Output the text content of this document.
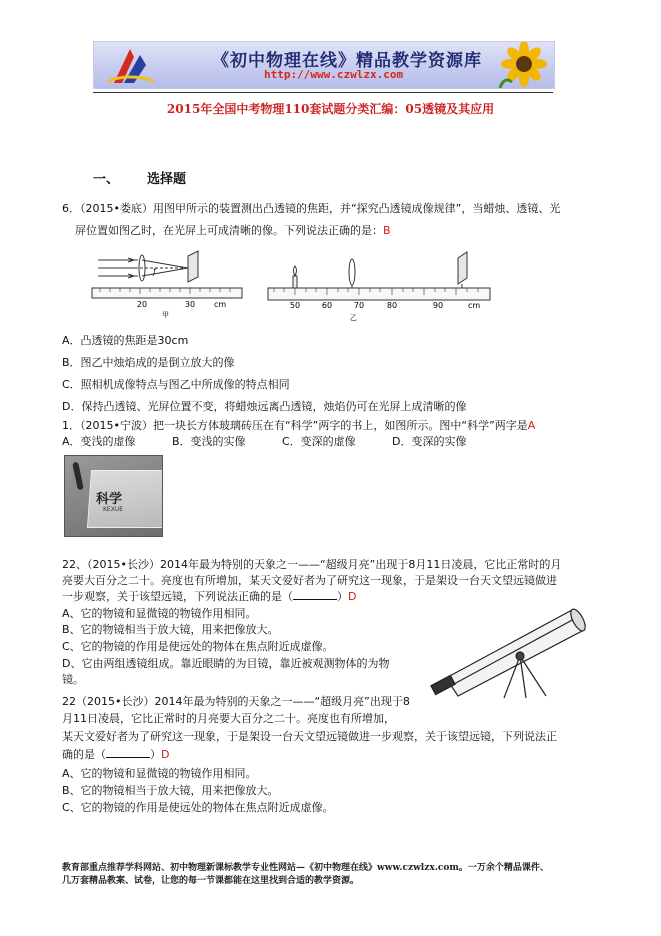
《初中物理在线》精品教学资源库
http://www.czwlzx.com
2015年全国中考物理110套试题分类汇编：05透镜及其应用
一、 选择题
6．（2015•娄底）用图甲所示的装置测出凸透镜的焦距，并“探究凸透镜成像规律”，当蜡烛、透镜、光
屏位置如图乙时，在光屏上可成清晰的像。下列说法正确的是：B
f
20	30 cm
甲
50	60	70	80	90	cm
乙
A．凸透镜的焦距是30cm
B．图乙中烛焰成的是倒立放大的像
C．照相机成像特点与图乙中所成像的特点相同
D．保持凸透镜、光屏位置不变，将蜡烛远离凸透镜，烛焰仍可在光屏上成清晰的像
1．（2015•宁波）把一块长方体玻璃砖压在有“科学”两字的书上，如图所示。图中“科学”两字是A
A．变浅的虚像	B．变浅的实像	C．变深的虚像	D．变深的实像
科学
KEXUE
22、（2015•长沙）2014年最为特别的天象之一——“超级月亮”出现于8月11日凌晨，它比正常时的月
亮要大百分之二十。亮度也有所增加，某天文爱好者为了研究这一现象，于是架设一台天文望远镜做进
一步观察，关于该望远镜，下列说法正确的是（	）D
A、它的物镜和显微镜的物镜作用相同。
B、它的物镜相当于放大镜，用来把像放大。
C、它的物镜的作用是使远处的物体在焦点附近成虚像。
D、它由两组透镜组成。靠近眼睛的为目镜，靠近被观测物体的为物
镜。
22（2015•长沙）2014年最为特别的天象之一——“超级月亮”出现于8
月11日凌晨，它比正常时的月亮要大百分之二十。亮度也有所增加，
某天文爱好者为了研究这一现象，于是架设一台天文望远镜做进一步观察，关于该望远镜，下列说法正
确的是（	）D
A、它的物镜和显微镜的物镜作用相同。
B、它的物镜相当于放大镜，用来把像放大。
C、它的物镜的作用是使远处的物体在焦点附近成虚像。
教育部重点推荐学科网站、初中物理新课标教学专业性网站—《初中物理在线》www.czwlzx.com。一万余个精品课件、
几万套精品教案、试卷，让您的每一节课都能在这里找到合适的教学资源。
